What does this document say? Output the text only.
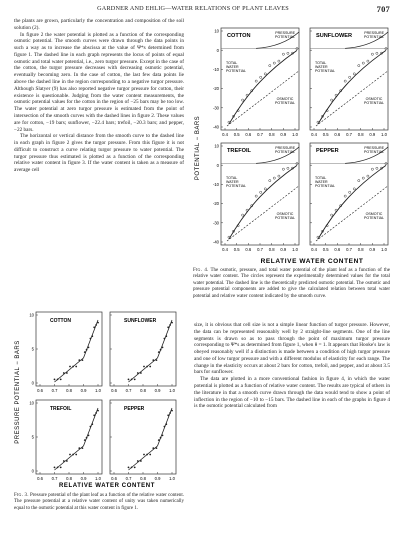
GARDNER AND EHLIG—WATER RELATIONS OF PLANT LEAVES	707

the plants are grown, particularly the concentration and composition of the soil solution (2).

In figure 2 the water potential is plotted as a function of the corresponding osmotic potential. The smooth curves were drawn through the data points in such a way as to increase the abscissa at the value of Ψ*s determined from figure 1. The dashed line in each graph represents the locus of points of equal osmotic and total water potential, i.e., zero turgor pressure. Except in the case of the cotton, the turgor pressure decreases with decreasing osmotic potential, eventually becoming zero. In the case of cotton, the last few data points lie above the dashed line in the region corresponding to a negative turgor pressure. Although Slatyer (9) has also reported negative turgor pressure for cotton, their existence is questionable. Judging from the water content measurements, the osmotic potential values for the cotton in the region of −25 bars may be too low. The water potential at zero turgor pressure is estimated from the point of intersection of the smooth curves with the dashed lines in figure 2. These values are for cotton, −19 bars; sunflower, −22.4 bars; trefoil, −20.3 bars; and pepper, −22 bars.

The horizontal or vertical distance from the smooth curve to the dashed line in each graph in figure 2 gives the turgor pressure. From this figure it is not difficult to construct a curve relating turgor pressure to water potential. The turgor pressure thus estimated is plotted as a function of the corresponding relative water content in figure 3. If the water content is taken as a measure of average cell	POTENTIAL − BARS
10
0
-10
-20
-30
-40
0.4 0.5 0.6 0.7 0.8 0.9 1.0
COTTON	PRESSURE
POTENTIAL
TOTAL
WATER
POTENTIAL
OSMOTIC
POTENTIAL
0.4 0.5 0.6 0.7 0.8 0.9 1.0
SUNFLOWER	PRESSURE
POTENTIAL
TOTAL
WATER
POTENTIAL
OSMOTIC
POTENTIAL
10
0
-10
-20
-30
-40
0.4 0.5 0.6 0.7 0.8 0.9 1.0
TREFOIL	PRESSURE
POTENTIAL
TOTAL
WATER
POTENTIAL
OSMOTIC
POTENTIAL
0.4 0.5 0.6 0.7 0.8 0.9 1.0
PEPPER	PRESSURE
POTENTIAL
TOTAL
WATER
POTENTIAL
OSMOTIC
POTENTIAL
RELATIVE WATER CONTENT
Fig. 4. The osmotic, pressure, and total water potential of the plant leaf as a function of the relative water content. The circles represent the experimentally determined values for the total water potential. The dashed line is the theoretically predicted osmotic potential. The osmotic and pressure potential components are added to give the calculated relation between total water potential and relative water content indicated by the smooth curve.
PRESSURE POTENTIAL − BARS
10
5
0
0.6 0.7 0.8 0.9 1.0
COTTON
0.6 0.7 0.8 0.9 1.0
SUNFLOWER
10
5
0
0.6 0.7 0.8 0.9 1.0
TREFOIL
0.6 0.7 0.8 0.9 1.0
PEPPER
RELATIVE WATER CONTENT
Fig. 3. Pressure potential of the plant leaf as a function of the relative water content. The pressure potential at a relative water content of unity was taken numerically equal to the osmotic potential at this water content in figure 1.

size, it is obvious that cell size is not a simple linear function of turgor pressure. However, the data can be represented reasonably well by 2 straight-line segments. One of the line segments is drawn so as to pass through the point of maximum turgor pressure corresponding to Ψ*s as determined from figure 1, when θ = 1. It appears that Hooke's law is obeyed reasonably well if a distinction is made between a condition of high turgor pressure and one of low turgor pressure and with a different modulus of elasticity for each range. The change in the elasticity occurs at about 2 bars for cotton, trefoil, and pepper, and at about 3.5 bars for sunflower.

The data are plotted in a more conventional fashion in figure 4, in which the water potential is plotted as a function of relative water content. The results are typical of others in the literature in that a smooth curve drawn through the data would tend to show a point of inflection in the region of −10 to −15 bars. The dashed line in each of the graphs in figure 4 is the osmotic potential calculated from
